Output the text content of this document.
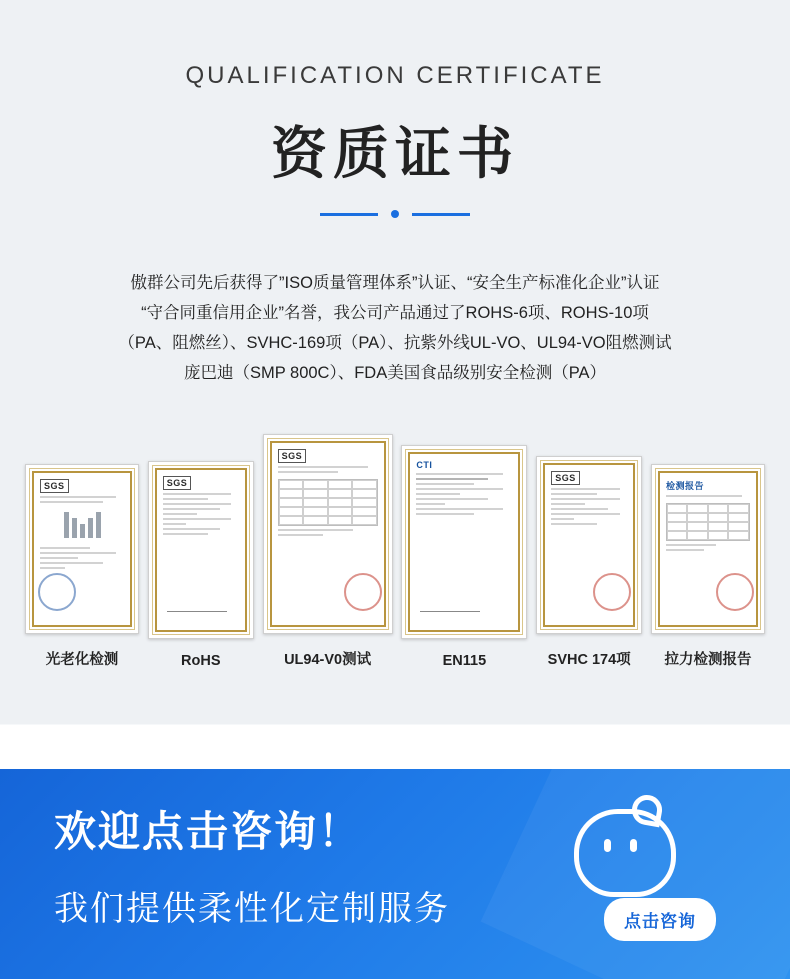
QUALIFICATION CERTIFICATE
资质证书

傲群公司先后获得了”ISO质量管理体系”认证、“安全生产标准化企业”认证

“守合同重信用企业”名誉，我公司产品通过了ROHS-6项、ROHS-10项

（PA、阻燃丝）、SVHC-169项（PA）、抗紫外线UL-VO、UL94-VO阻燃测试

庞巴迪（SMP 800C）、FDA美国食品级别安全检测（PA）

SGS
光老化检测
SGS
RoHS
SGS
UL94-V0测试
CTI
EN115
SGS
SVHC 174项
检测报告
拉力检测报告
欢迎点击咨询！
我们提供柔性化定制服务	点击咨询
